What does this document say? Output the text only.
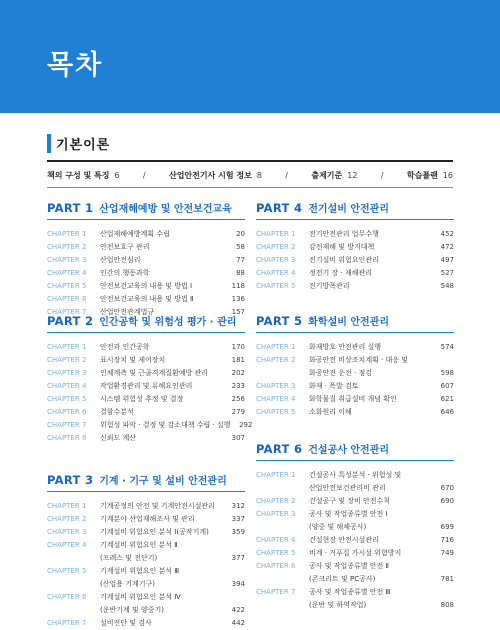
목차
기본이론
책의 구성 및 특징 6	/	산업안전기사 시험 정보 8	/	출제기준 12	/	학습플랜 16
PART 1 산업재해예방 및 안전보건교육
CHAPTER 1	산업재해예방계획 수립	20
CHAPTER 2	안전보호구 관리	58
CHAPTER 3	산업안전심리	77
CHAPTER 4	인간의 행동과학	88
CHAPTER 5	안전보건교육의 내용 및 방법 Ⅰ	118
CHAPTER 6	안전보건교육의 내용 및 방법 Ⅱ	136
CHAPTER 7	산업안전관계법규	157
PART 2 인간공학 및 위험성 평가 · 관리
CHAPTER 1	안전과 인간공학	170
CHAPTER 2	표시장치 및 제어장치	181
CHAPTER 3	인체계측 및 근골격계질환예방 관리	202
CHAPTER 4	작업환경관리 및 유해요인관리	233
CHAPTER 5	시스템 위험성 추정 및 결정	256
CHAPTER 6	결함수분석	279
CHAPTER 7	위험성 파악 · 결정 및 감소대책 수립 · 실행	292
CHAPTER 8	신뢰도 계산	307
PART 3 기계 · 기구 및 설비 안전관리
CHAPTER 1	기계공정의 안전 및 기계안전시설관리	312
CHAPTER 2	기계분야 산업재해조사 및 관리	337
CHAPTER 3	기계설비 위험요인 분석 Ⅰ(공작기계)	359
CHAPTER 4	기계설비 위험요인 분석 Ⅱ
(프레스 및 전단기)	377
CHAPTER 5	기계설비 위험요인 분석 Ⅲ
(산업용 기계기구)	394
CHAPTER 6	기계설비 위험요인 분석 Ⅳ
(운반기계 및 양중기)	422
CHAPTER 7	설비진단 및 검사	442
PART 4 전기설비 안전관리
CHAPTER 1	전기안전관리 업무수행	452
CHAPTER 2	감전재해 및 방지대책	472
CHAPTER 3	전기설비 위험요인관리	497
CHAPTER 4	정전기 장 · 재해관리	527
CHAPTER 5	전기방폭관리	548
PART 5 화학설비 안전관리
CHAPTER 1	화재방호 안전관리 실행	574
CHAPTER 2	화공안전 비상조치계획 · 대응 및
화공안전 운전 · 점검	598
CHAPTER 3	화재 · 폭발 검토	607
CHAPTER 4	화학물질 취급설비 개념 확인	621
CHAPTER 5	소화원리 이해	646
PART 6 건설공사 안전관리
CHAPTER 1	건설공사 특성분석 · 위험성 및
산업안전보건관리비 관리	670
CHAPTER 2	건설공구 및 장비 안전수칙	690
CHAPTER 3	공사 및 작업종류별 안전 Ⅰ
(양중 및 해체공사)	699
CHAPTER 4	건설현장 안전시설관리	716
CHAPTER 5	비계 · 거푸집 가시설 위험방지	749
CHAPTER 6	공사 및 작업종류별 안전 Ⅱ
(콘크리트 및 PC공사)	781
CHAPTER 7	공사 및 작업종류별 안전 Ⅲ
(운반 및 하역작업)	808
